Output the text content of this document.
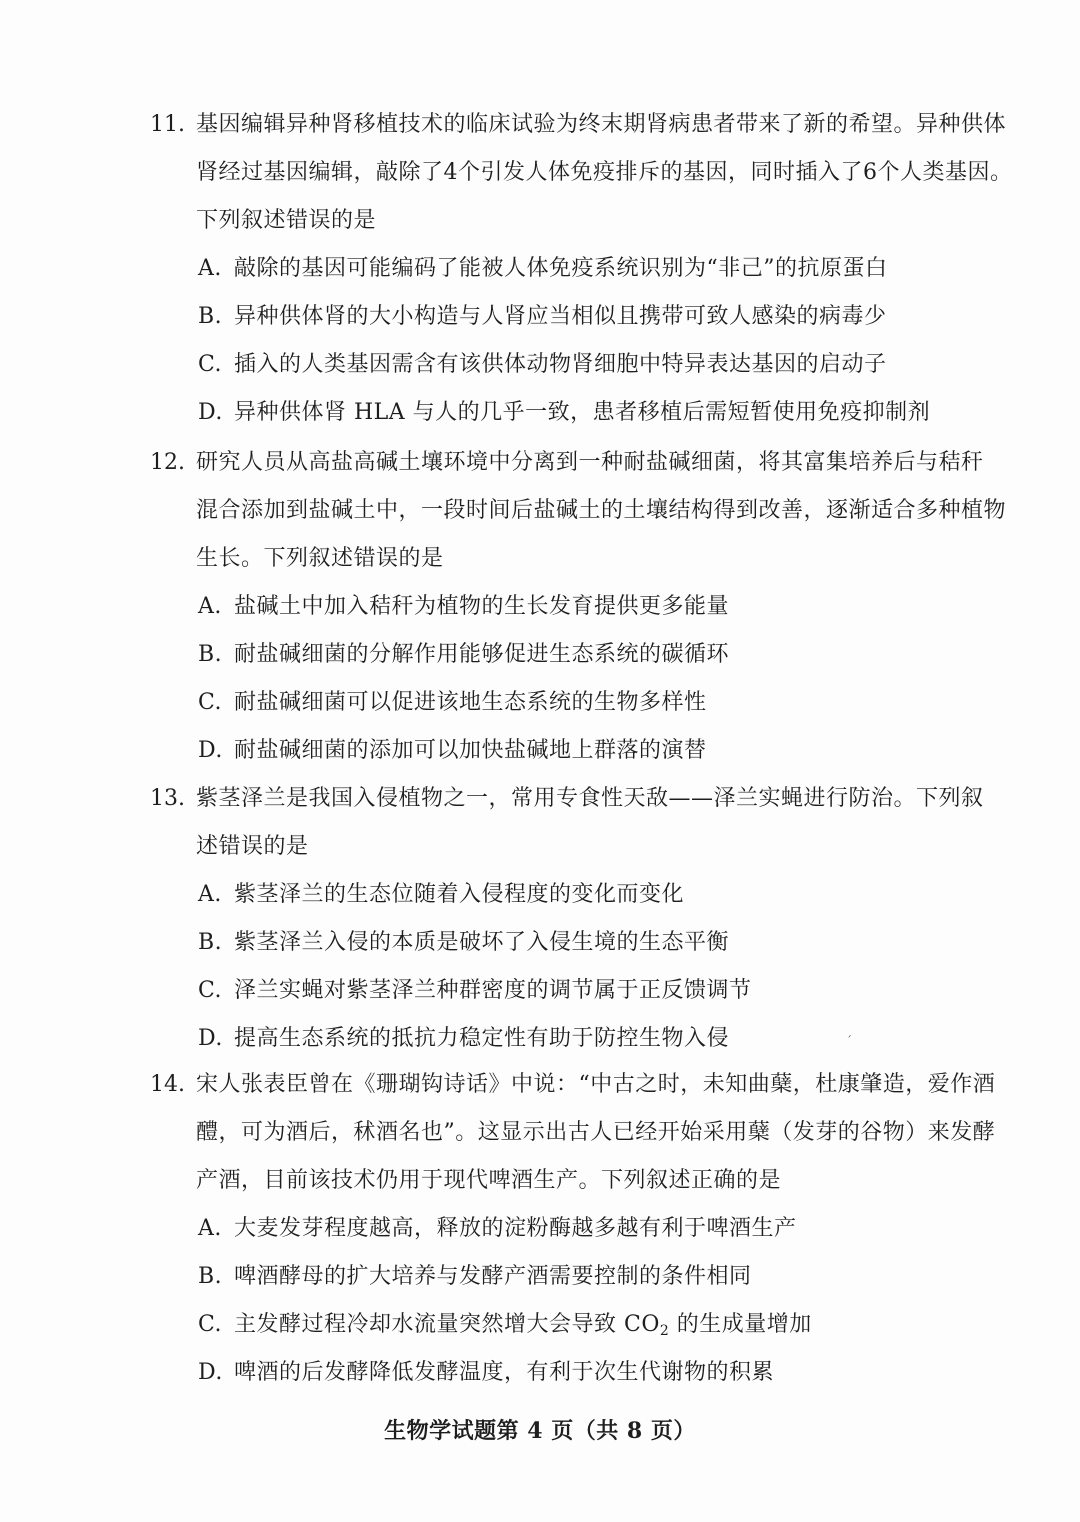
11. 基因编辑异种肾移植技术的临床试验为终末期肾病患者带来了新的希望。异种供体
肾经过基因编辑，敲除了4个引发人体免疫排斥的基因，同时插入了6个人类基因。
下列叙述错误的是
A. 敲除的基因可能编码了能被人体免疫系统识别为“非己”的抗原蛋白
B. 异种供体肾的大小构造与人肾应当相似且携带可致人感染的病毒少
C. 插入的人类基因需含有该供体动物肾细胞中特异表达基因的启动子
D. 异种供体肾 HLA 与人的几乎一致，患者移植后需短暂使用免疫抑制剂
12. 研究人员从高盐高碱土壤环境中分离到一种耐盐碱细菌，将其富集培养后与秸秆
混合添加到盐碱土中，一段时间后盐碱土的土壤结构得到改善，逐渐适合多种植物
生长。下列叙述错误的是
A. 盐碱土中加入秸秆为植物的生长发育提供更多能量
B. 耐盐碱细菌的分解作用能够促进生态系统的碳循环
C. 耐盐碱细菌可以促进该地生态系统的生物多样性
D. 耐盐碱细菌的添加可以加快盐碱地上群落的演替
13. 紫茎泽兰是我国入侵植物之一，常用专食性天敌——泽兰实蝇进行防治。下列叙
述错误的是
A. 紫茎泽兰的生态位随着入侵程度的变化而变化
B. 紫茎泽兰入侵的本质是破坏了入侵生境的生态平衡
C. 泽兰实蝇对紫茎泽兰种群密度的调节属于正反馈调节
D. 提高生态系统的抵抗力稳定性有助于防控生物入侵	ˊ
14. 宋人张表臣曾在《珊瑚钩诗话》中说：“中古之时，未知曲蘖，杜康肇造，爱作酒
醴，可为酒后，秫酒名也”。这显示出古人已经开始采用蘖（发芽的谷物）来发酵
产酒，目前该技术仍用于现代啤酒生产。下列叙述正确的是
A. 大麦发芽程度越高，释放的淀粉酶越多越有利于啤酒生产
B. 啤酒酵母的扩大培养与发酵产酒需要控制的条件相同
C. 主发酵过程冷却水流量突然增大会导致 $CO_2$ 的生成量增加
D. 啤酒的后发酵降低发酵温度，有利于次生代谢物的积累
生物学试题第 4 页（共 8 页）
